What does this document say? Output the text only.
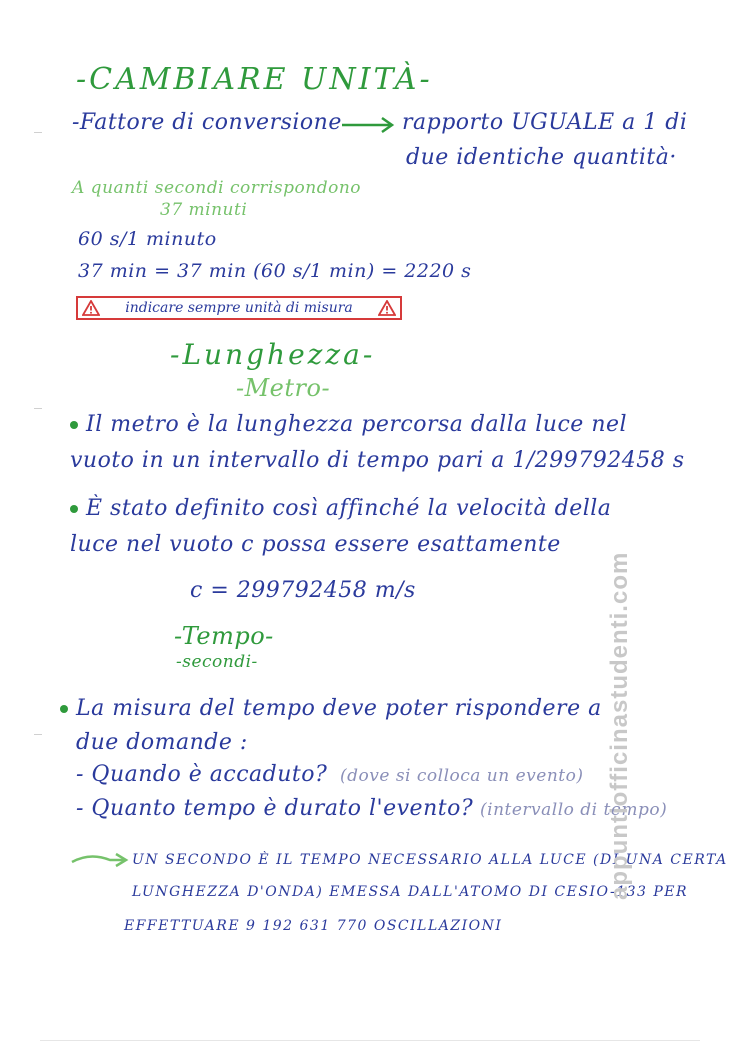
-CAMBIARE UNITÀ-
-Fattore di conversione	rapporto UGUALE a 1 di
due identiche quantità·
A quanti secondi corrispondono
37 minuti
60 s/1 minuto
37 min = 37 min (60 s/1 min) = 2220 s
indicare sempre unità di misura
-Lunghezza-
-Metro-
Il metro è la lunghezza percorsa dalla luce nel
vuoto in un intervallo di tempo pari a 1/299792458 s
È stato definito così affinché la velocità della
luce nel vuoto c possa essere esattamente
c = 299792458 m/s
-Tempo-
-secondi-
La misura del tempo deve poter rispondere a
due domande :
- Quando è accaduto? (dove si colloca un evento)
- Quanto tempo è durato l'evento? (intervallo di tempo)
UN SECONDO È IL TEMPO NECESSARIO ALLA LUCE (DI UNA CERTA
LUNGHEZZA D'ONDA) EMESSA DALL'ATOMO DI CESIO-133 PER
EFFETTUARE 9 192 631 770 OSCILLAZIONI
appuntiofficinastudenti.com
